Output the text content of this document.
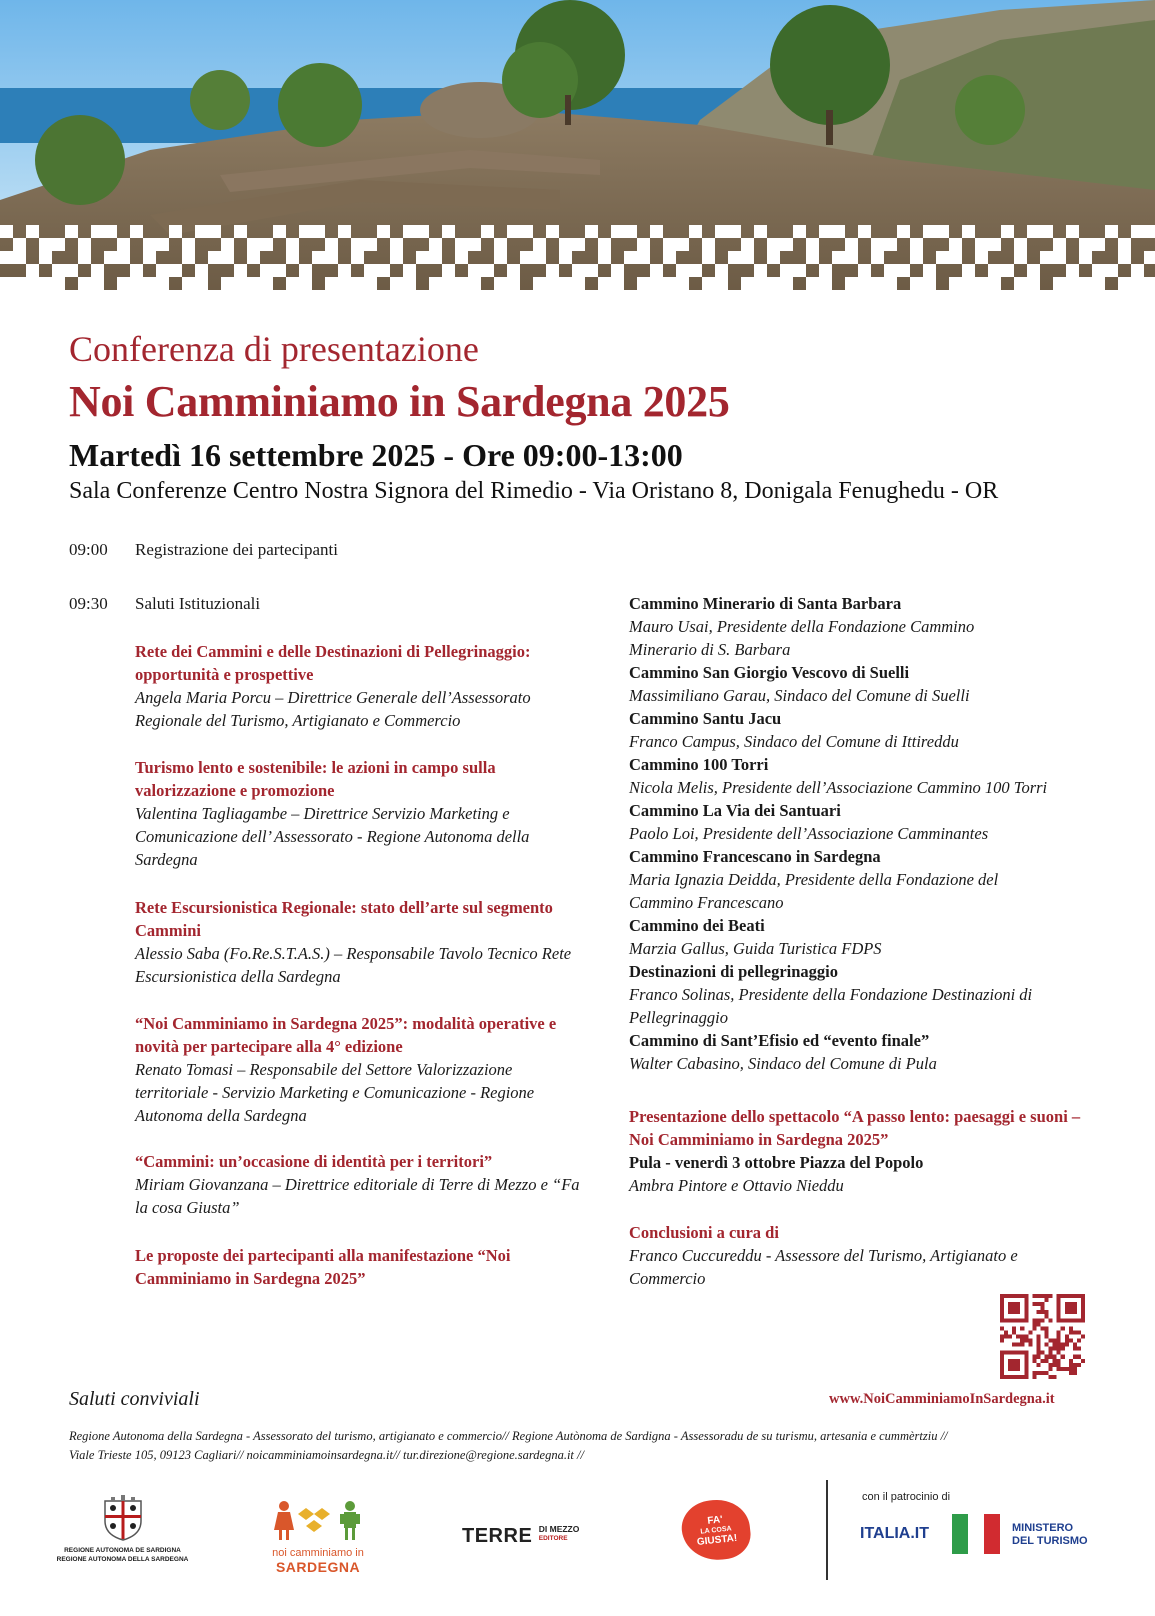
Conferenza di presentazione
Noi Camminiamo in Sardegna 2025
Martedì 16 settembre 2025 - Ore 09:00-13:00
Sala Conferenze Centro Nostra Signora del Rimedio - Via Oristano 8, Donigala Fenughedu - OR
09:00 Registrazione dei partecipanti
09:30 Saluti Istituzionali
Rete dei Cammini e delle Destinazioni di Pellegrinaggio: opportunità e prospettive
Angela Maria Porcu – Direttrice Generale dell’Assessorato Regionale del Turismo, Artigianato e Commercio
Turismo lento e sostenibile: le azioni in campo sulla valorizzazione e promozione
Valentina Tagliagambe – Direttrice Servizio Marketing e Comunicazione dell’ Assessorato - Regione Autonoma della Sardegna
Rete Escursionistica Regionale: stato dell’arte sul segmento Cammini
Alessio Saba (Fo.Re.S.T.A.S.) – Responsabile Tavolo Tecnico Rete Escursionistica della Sardegna
“Noi Camminiamo in Sardegna 2025”: modalità operative e novità per partecipare alla 4° edizione
Renato Tomasi – Responsabile del Settore Valorizzazione territoriale - Servizio Marketing e Comunicazione - Regione Autonoma della Sardegna
“Cammini: un’occasione di identità per i territori”
Miriam Giovanzana – Direttrice editoriale di Terre di Mezzo e “Fa la cosa Giusta”
Le proposte dei partecipanti alla manifestazione “Noi Camminiamo in Sardegna 2025”
Cammino Minerario di Santa Barbara
Mauro Usai, Presidente della Fondazione Cammino Minerario di S. Barbara
Cammino San Giorgio Vescovo di Suelli
Massimiliano Garau, Sindaco del Comune di Suelli
Cammino Santu Jacu
Franco Campus, Sindaco del Comune di Ittireddu
Cammino 100 Torri
Nicola Melis, Presidente dell’Associazione Cammino 100 Torri
Cammino La Via dei Santuari
Paolo Loi, Presidente dell’Associazione Camminantes
Cammino Francescano in Sardegna
Maria Ignazia Deidda, Presidente della Fondazione del Cammino Francescano
Cammino dei Beati
Marzia Gallus, Guida Turistica FDPS
Destinazioni di pellegrinaggio
Franco Solinas, Presidente della Fondazione Destinazioni di Pellegrinaggio
Cammino di Sant’Efisio ed “evento finale”
Walter Cabasino, Sindaco del Comune di Pula
Presentazione dello spettacolo “A passo lento: paesaggi e suoni – Noi Camminiamo in Sardegna 2025”
Pula - venerdì 3 ottobre Piazza del Popolo
Ambra Pintore e Ottavio Nieddu
Conclusioni a cura di
Franco Cuccureddu - Assessore del Turismo, Artigianato e Commercio
Saluti conviviali	www.NoiCamminiamoInSardegna.it
Regione Autonoma della Sardegna - Assessorato del turismo, artigianato e commercio// Regione Autònoma de Sardigna - Assessoradu de su turismu, artesania e cummèrtziu //
Viale Trieste 105, 09123 Cagliari// noicamminiamoinsardegna.it// tur.direzione@regione.sardegna.it //
REGIONE AUTONOMA DE SARDIGNA
REGIONE AUTONOMA DELLA SARDEGNA
noi camminiamo in
SARDEGNA
TERRE DI MEZZO
EDITORE
FA'
LA COSA
GIUSTA!
con il patrocinio di
ITALIA.IT	MINISTERO
DEL TURISMO
